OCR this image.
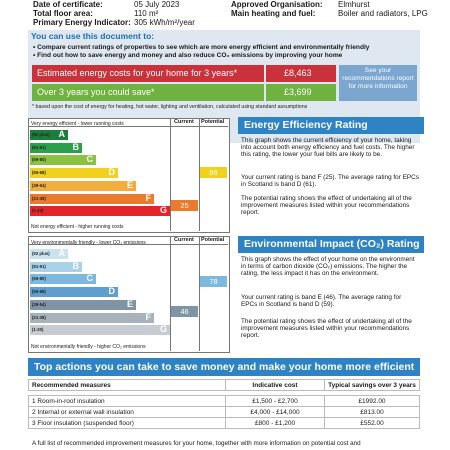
Date of certificate:	05 July 2023
Total floor area:	110 m²
Primary Energy Indicator: 305 kWh/m²/year
Approved Organisation: Elmhurst
Main heating and fuel:	Boiler and radiators, LPG
You can use this document to:
• Compare current ratings of properties to see which are more energy efficient and environmentally friendly
• Find out how to save energy and money and also reduce CO₂ emissions by improving your home
Estimated energy costs for your home for 3 years*	£8,463
Over 3 years you could save*	£3,699
See your recommendations report for more information
* based upon the cost of energy for heating, hot water, lighting and ventilation, calculated using standard assumptions
Current Potential
Very energy efficient - lower running costs
Not energy efficient - higher running costs
(92 plus) A
(81-91)	B
(69-80)	C
(55-68)	D
(39-54)	E
(21-38)	F
(1-20)	G	25
66
Energy Efficiency Rating
This graph shows the current efficiency of your home, taking into account both energy efficiency and fuel costs. The higher this rating, the lower your fuel bills are likely to be.
Your current rating is band F (25). The average rating for EPCs in Scotland is band D (61).
The potential rating shows the effect of undertaking all of the improvement measures listed within your recommendations report.
Current Potential
Very environmentally friendly - lower CO₂ emissions
Not environmentally friendly - higher CO₂ emissions
(92 plus) A
(81-91)	B
(69-80)	C
(55-68)	D
(39-54)	E
(21-38)	F
(1-20)	G
46
78
Environmental Impact (CO₂) Rating
This graph shows the effect of your home on the environment in terms of carbon dioxide (CO₂) emissions. The higher the rating, the less impact it has on the environment.
Your current rating is band E (46). The average rating for EPCs in Scotland is band D (59).
The potential rating shows the effect of undertaking all of the improvement measures listed within your recommendations report.
Top actions you can take to save money and make your home more efficient
Recommended measures	Indicative cost	Typical savings over 3 years

1 Room-in-roof insulation	£1,500 - £2,700	£1992.00
2 Internal or external wall insulation	£4,000 - £14,000	£813.00
3 Floor insulation (suspended floor)	£800 - £1,200	£552.00
A full list of recommended improvement measures for your home, together with more information on potential cost and
